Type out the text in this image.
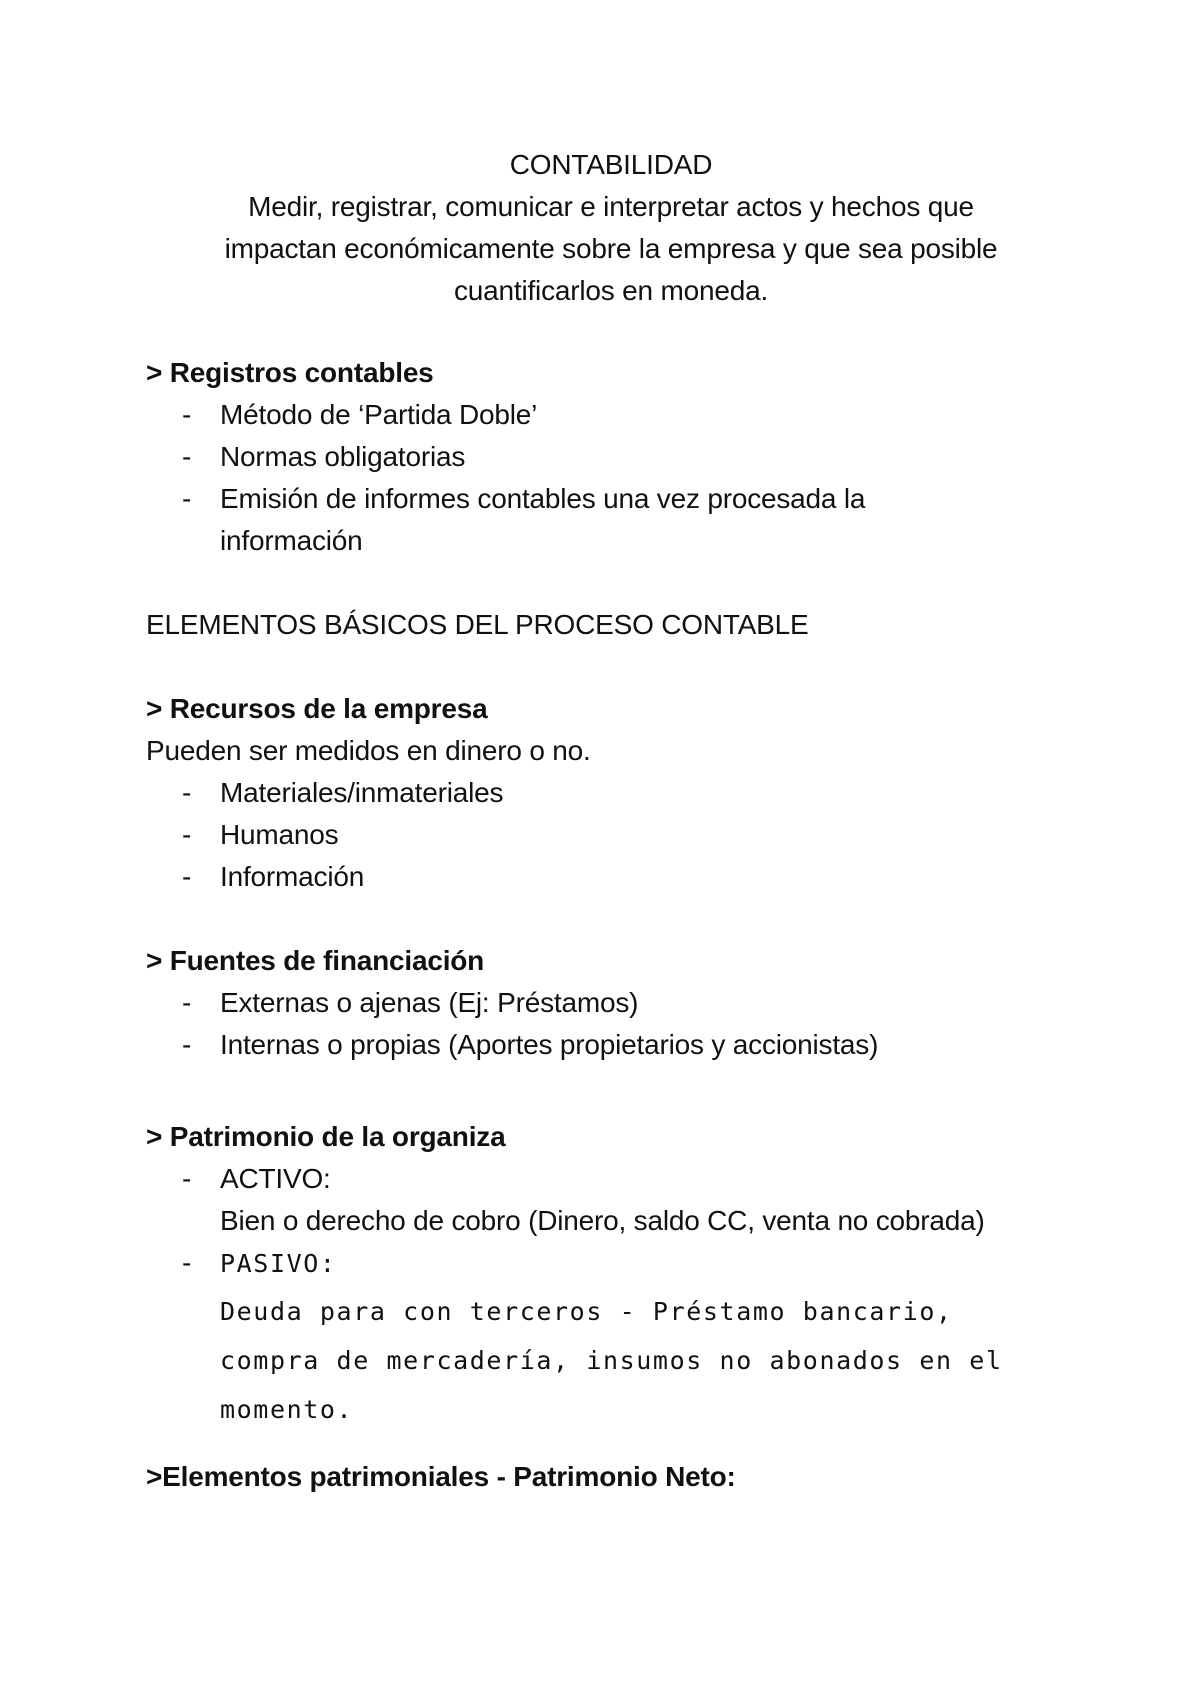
CONTABILIDAD
Medir, registrar, comunicar e interpretar actos y hechos que
impactan económicamente sobre la empresa y que sea posible
cuantificarlos en moneda.
> Registros contables
- Método de ‘Partida Doble’
- Normas obligatorias
- Emisión de informes contables una vez procesada la
información
ELEMENTOS BÁSICOS DEL PROCESO CONTABLE
> Recursos de la empresa
Pueden ser medidos en dinero o no.
- Materiales/inmateriales
- Humanos
- Información
> Fuentes de financiación
- Externas o ajenas (Ej: Préstamos)
- Internas o propias (Aportes propietarios y accionistas)
> Patrimonio de la organiza
- ACTIVO:
Bien o derecho de cobro (Dinero, saldo CC, venta no cobrada)
- PASIVO:
Deuda para con terceros - Préstamo bancario,
compra de mercadería, insumos no abonados en el
momento.
>Elementos patrimoniales - Patrimonio Neto:
